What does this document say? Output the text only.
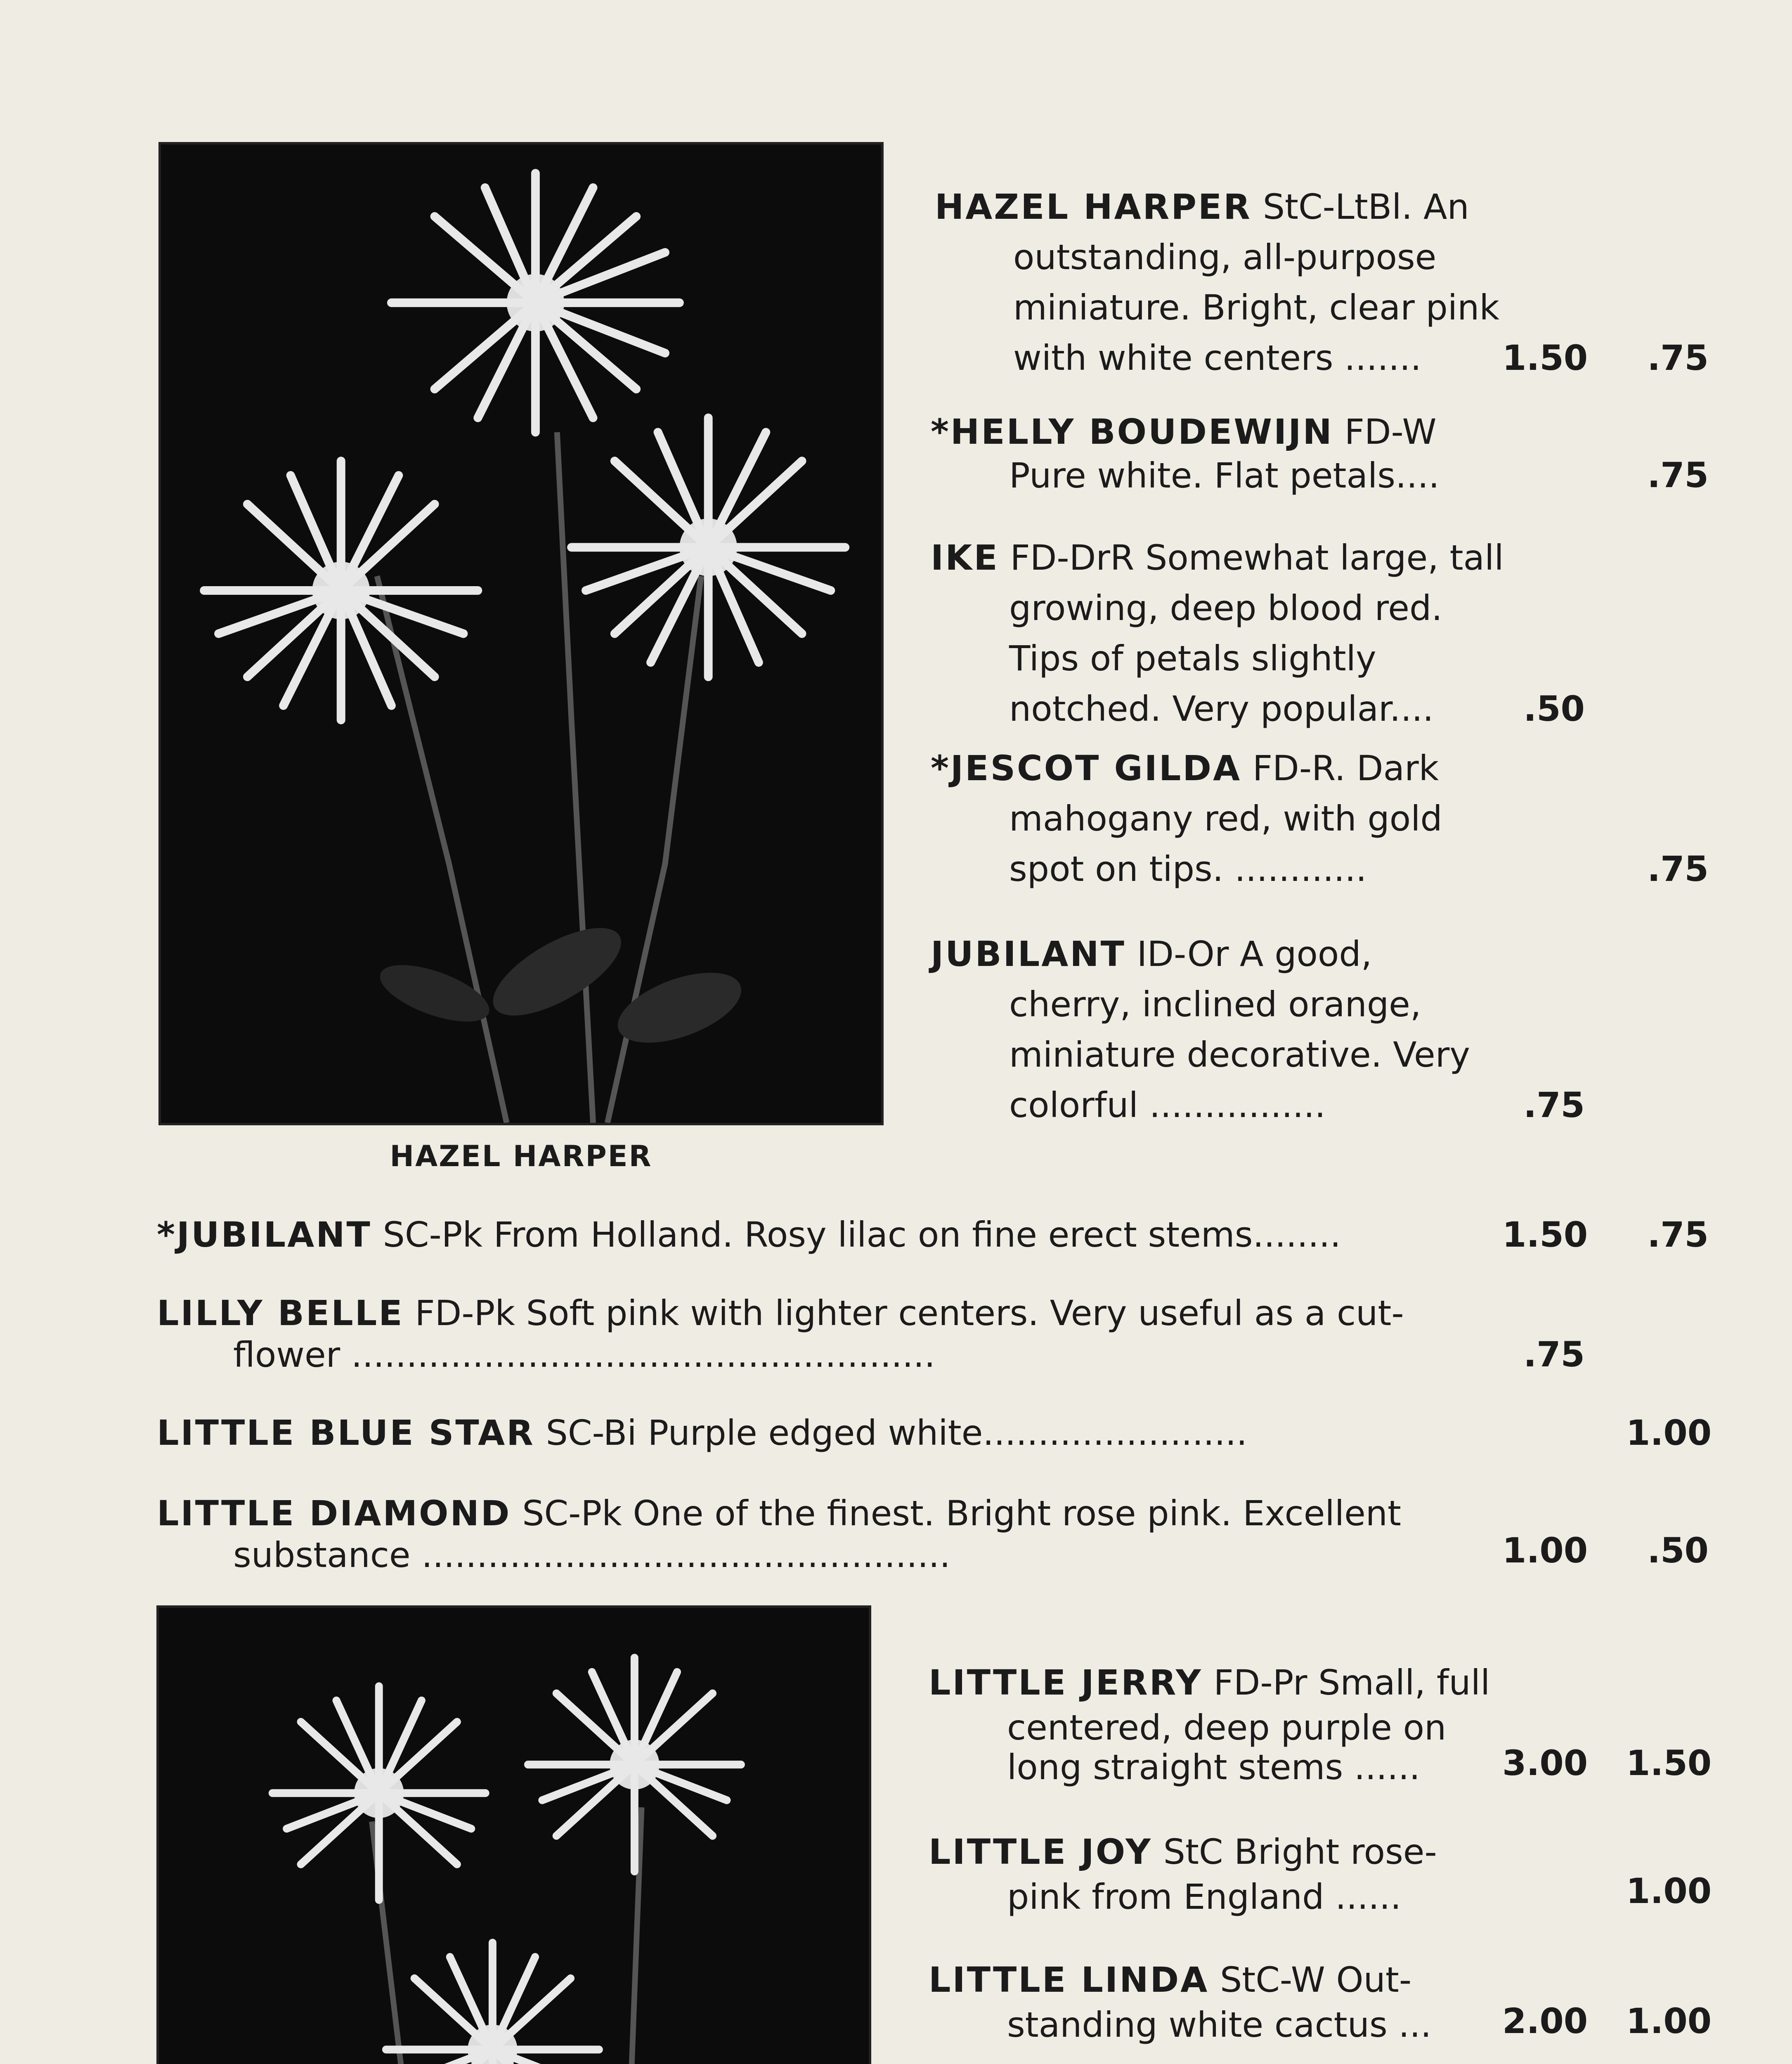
HAZEL HARPER
HAZEL HARPER StC-LtBl. An
outstanding, all-purpose
miniature. Bright, clear pink
with white centers .......	1.50	.75
*HELLY BOUDEWIJN FD-W
Pure white. Flat petals....	.75
IKE FD-DrR Somewhat large, tall
growing, deep blood red.
Tips of petals slightly
notched. Very popular....	.50
*JESCOT GILDA FD-R. Dark
mahogany red, with gold
spot on tips. ............	.75
JUBILANT ID-Or A good,
cherry, inclined orange,
miniature decorative. Very
colorful ................	.75
*JUBILANT SC-Pk From Holland. Rosy lilac on fine erect stems........	1.50	.75
LILLY BELLE FD-Pk Soft pink with lighter centers. Very useful as a cut-
flower .....................................................	.75
LITTLE BLUE STAR SC-Bi Purple edged white........................	1.00
LITTLE DIAMOND SC-Pk One of the finest. Bright rose pink. Excellent
substance ................................................	1.00	.50
LITTLE JERRY FD-Pr Small, full
centered, deep purple on
long straight stems ......	3.00 1.50
LITTLE JOY StC Bright rose-
pink from England ......	1.00
LITTLE LINDA StC-W Out-
standing white cactus ...	2.00 1.00
